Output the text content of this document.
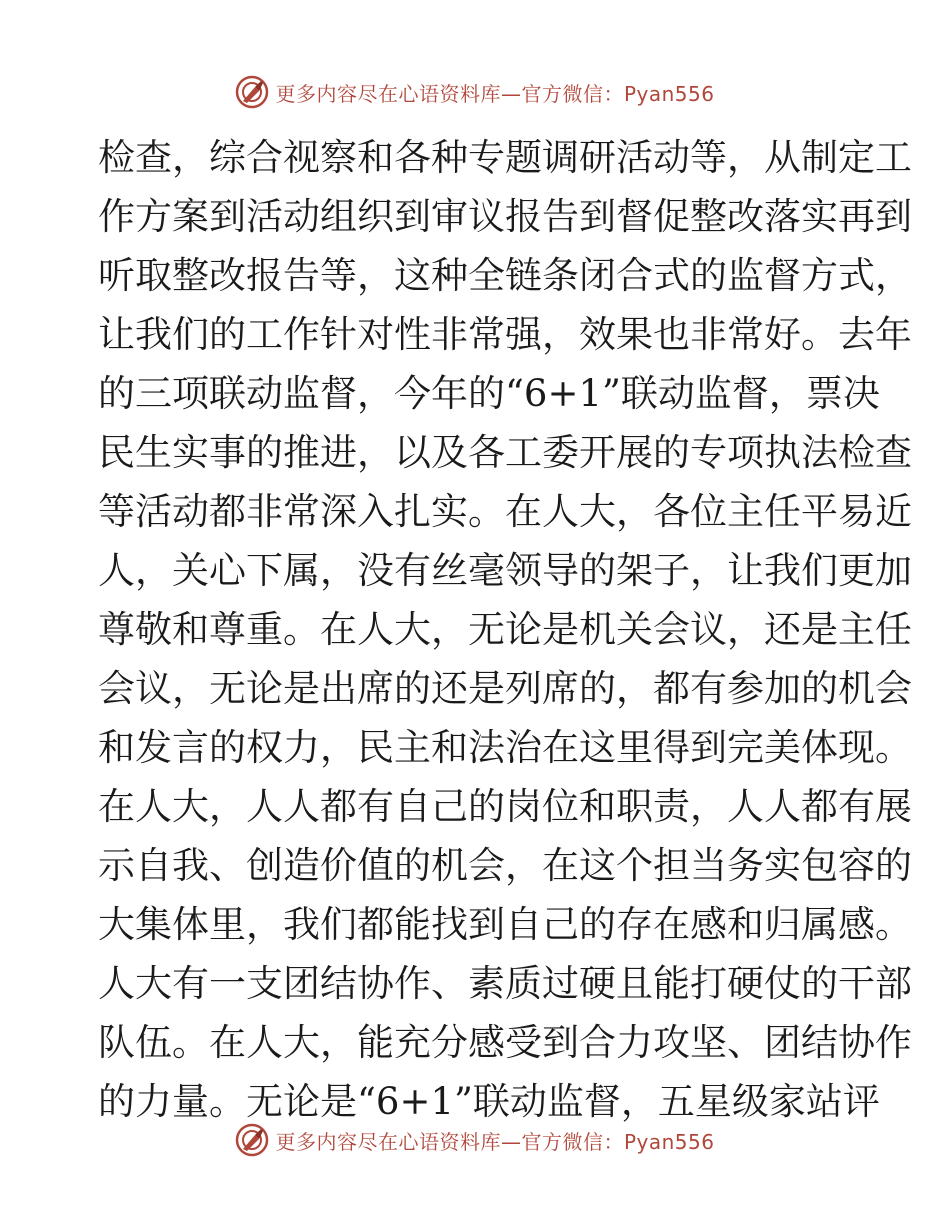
更多内容尽在心语资料库—官方微信：Pyan556
检查，综合视察和各种专题调研活动等，从制定工
作方案到活动组织到审议报告到督促整改落实再到
听取整改报告等，这种全链条闭合式的监督方式，
让我们的工作针对性非常强，效果也非常好。去年
的三项联动监督，今年的“6+1”联动监督，票决
民生实事的推进，以及各工委开展的专项执法检查
等活动都非常深入扎实。在人大，各位主任平易近
人，关心下属，没有丝毫领导的架子，让我们更加
尊敬和尊重。在人大，无论是机关会议，还是主任
会议，无论是出席的还是列席的，都有参加的机会
和发言的权力，民主和法治在这里得到完美体现。
在人大，人人都有自己的岗位和职责，人人都有展
示自我、创造价值的机会，在这个担当务实包容的
大集体里，我们都能找到自己的存在感和归属感。
人大有一支团结协作、素质过硬且能打硬仗的干部
队伍。在人大，能充分感受到合力攻坚、团结协作
的力量。无论是“6+1”联动监督，五星级家站评
更多内容尽在心语资料库—官方微信：Pyan556
